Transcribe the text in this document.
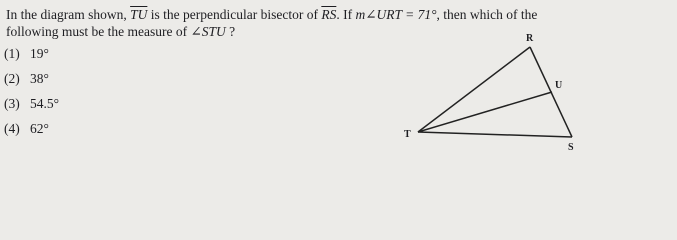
In the diagram shown, $\overline{TU}$ is the perpendicular bisector of $\overline{RS}$. If m∠URT = 71°, then which of the
following must be the measure of ∠STU ?
(1) 19°
(2) 38°
(3) 54.5°
(4) 62°
R
U
T
S
